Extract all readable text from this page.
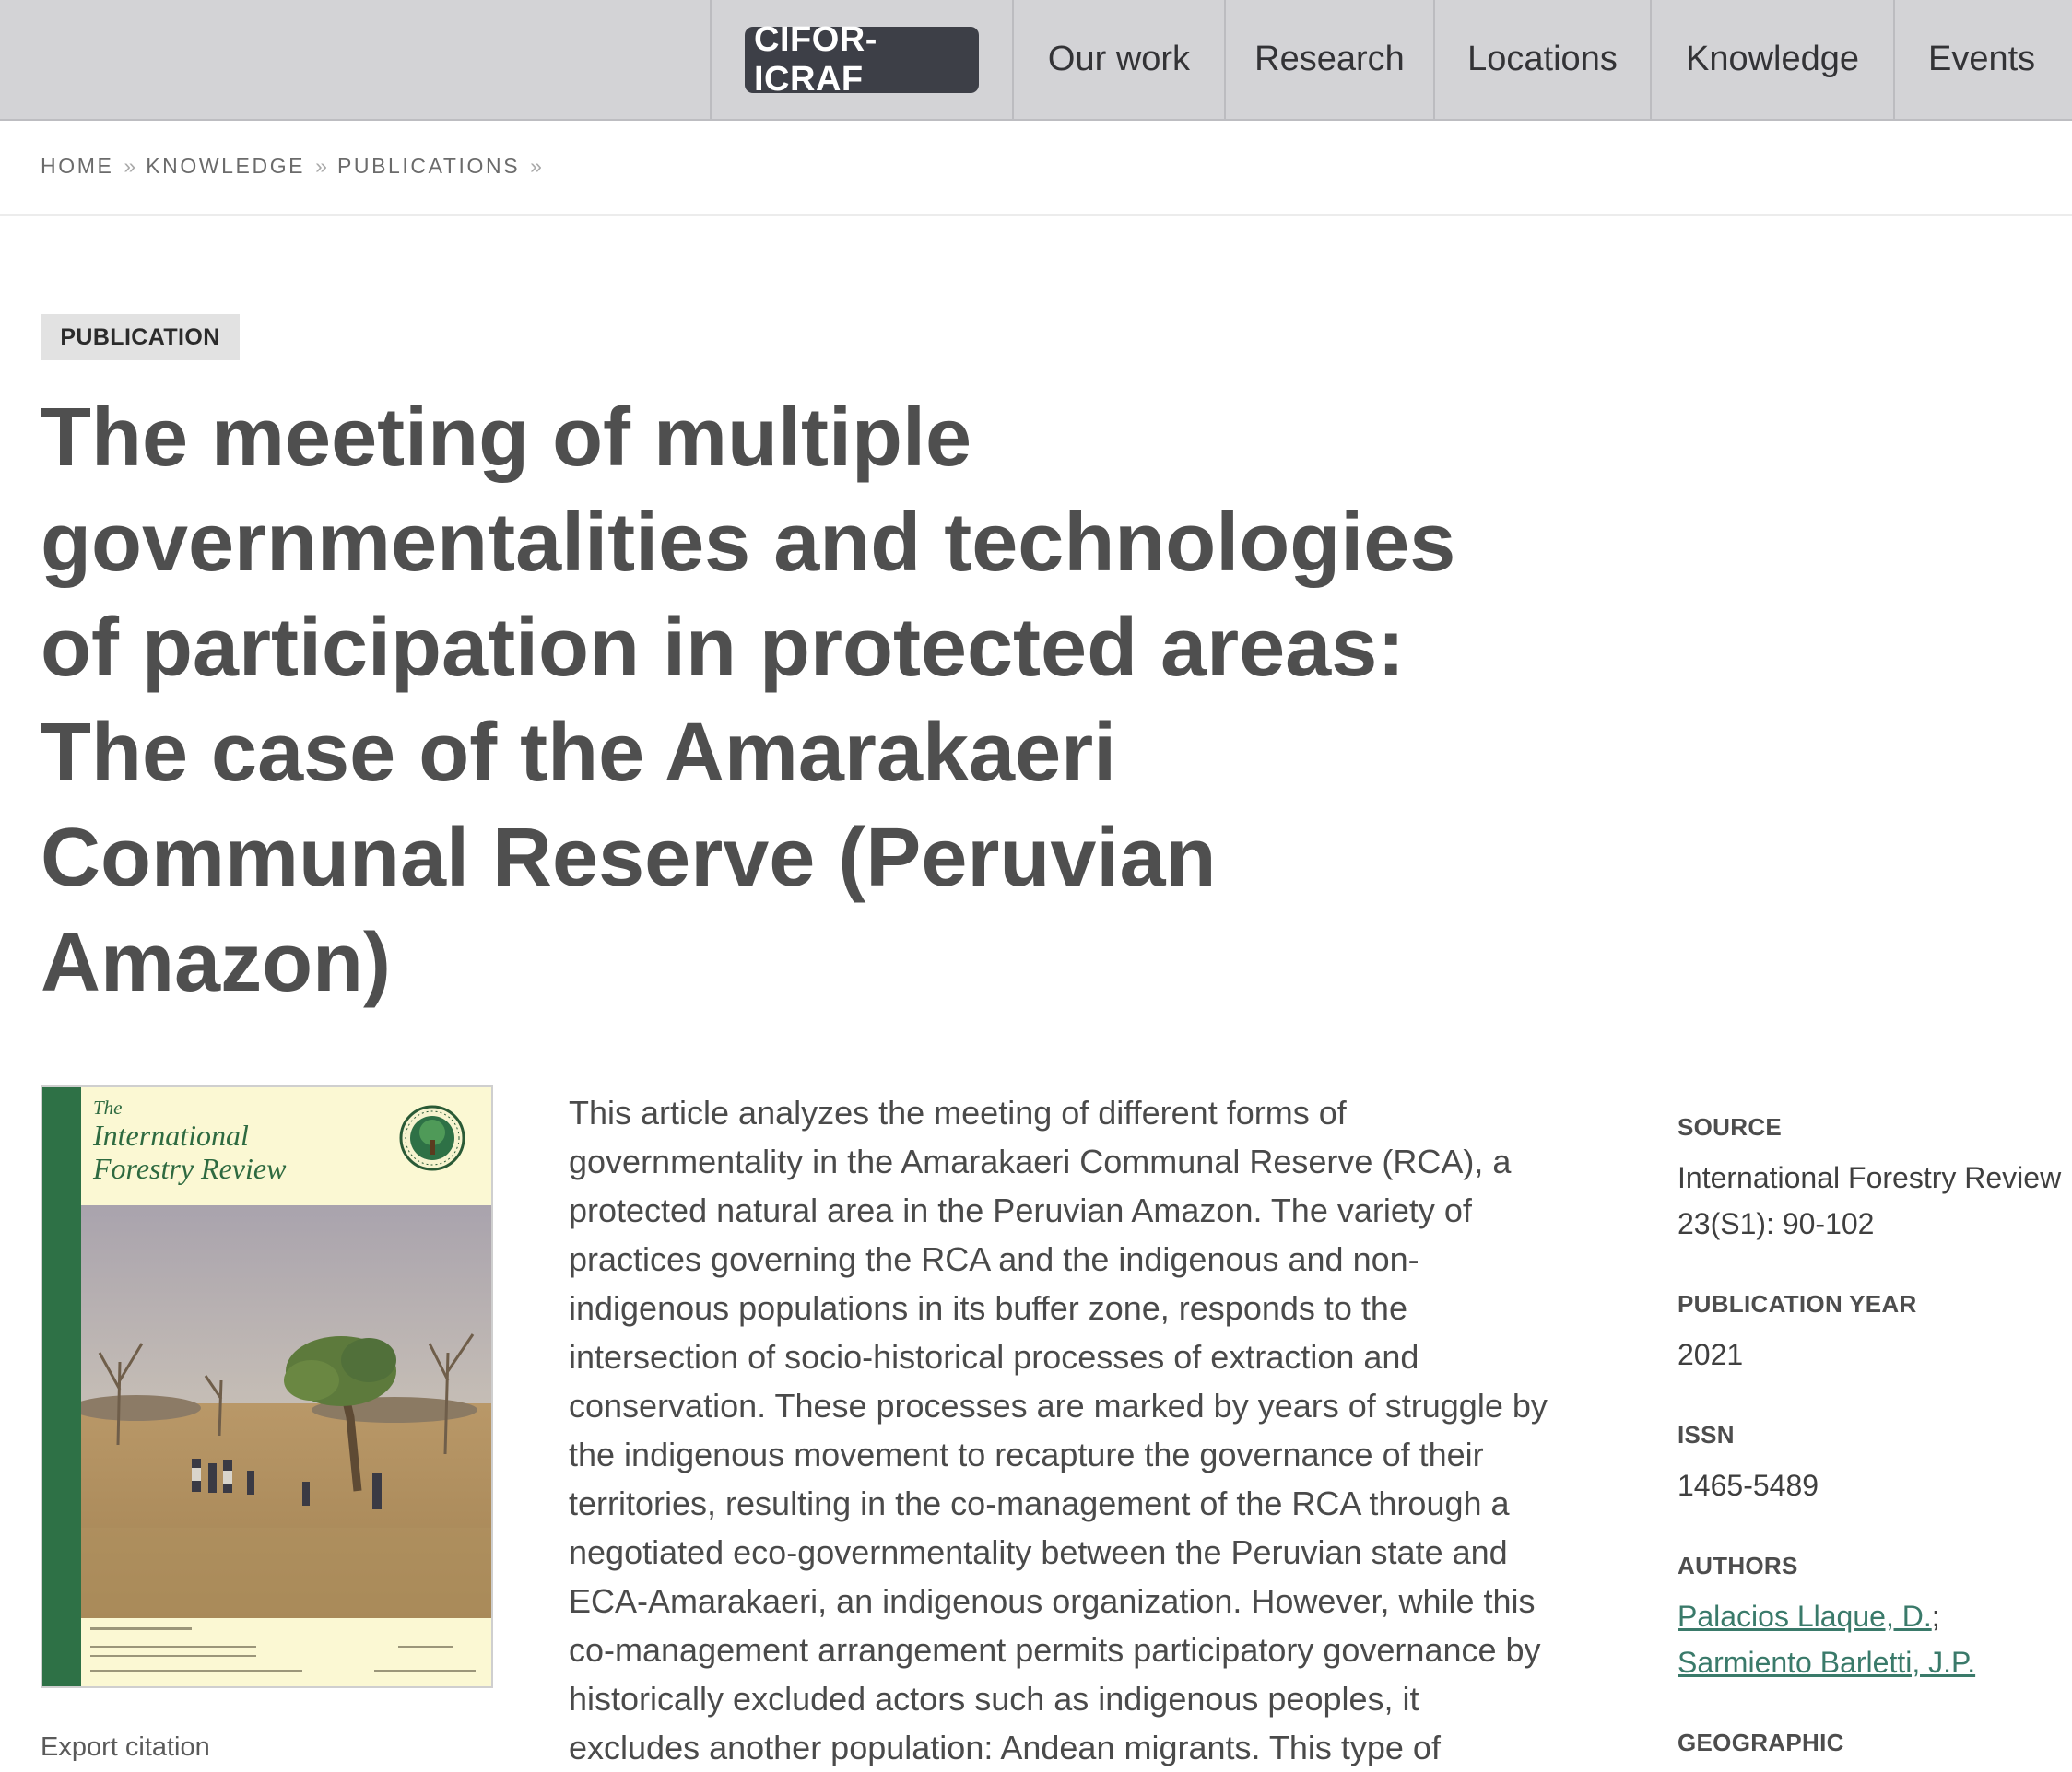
CIFOR-ICRAF
Our work Research Locations Knowledge Events
HOME » KNOWLEDGE » PUBLICATIONS »
PUBLICATION
The meeting of multiple
governmentalities and technologies
of participation in protected areas:
The case of the Amarakaeri
Communal Reserve (Peruvian
Amazon)
The
International
Forestry Review
Export citation
This article analyzes the meeting of different forms of
governmentality in the Amarakaeri Communal Reserve (RCA), a
protected natural area in the Peruvian Amazon. The variety of
practices governing the RCA and the indigenous and non-
indigenous populations in its buffer zone, responds to the
intersection of socio-historical processes of extraction and
conservation. These processes are marked by years of struggle by
the indigenous movement to recapture the governance of their
territories, resulting in the co-management of the RCA through a
negotiated eco-governmentality between the Peruvian state and
ECA-Amarakaeri, an indigenous organization. However, while this
co-management arrangement permits participatory governance by
historically excluded actors such as indigenous peoples, it
excludes another population: Andean migrants. This type of
SOURCE
International Forestry Review
23(S1): 90-102
PUBLICATION YEAR
2021
ISSN
1465-5489
AUTHORS
Palacios Llaque, D.;
Sarmiento Barletti, J.P.
GEOGRAPHIC
